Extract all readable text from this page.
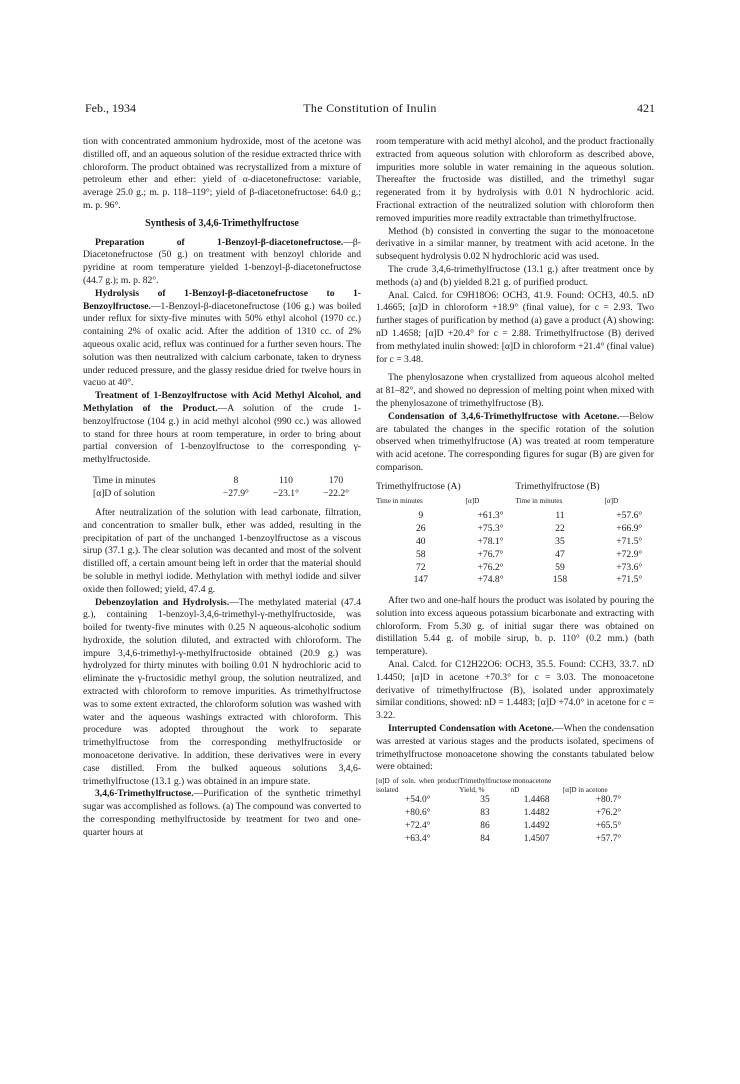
Feb., 1934	The Constitution of Inulin	421

tion with concentrated ammonium hydroxide, most of the acetone was distilled off, and an aqueous solution of the residue extracted thrice with chloroform. The product obtained was recrystallized from a mixture of petroleum ether and ether: yield of α-diacetonefructose: variable, average 25.0 g.; m. p. 118–119°; yield of β-diacetonefructose: 64.0 g.; m. p. 96°.

Synthesis of 3,4,6-Trimethylfructose

Preparation of 1-Benzoyl-β-diacetonefructose.—β-Diacetonefructose (50 g.) on treatment with benzoyl chloride and pyridine at room temperature yielded 1-benzoyl-β-diacetonefructose (44.7 g.); m. p. 82°.

Hydrolysis of 1-Benzoyl-β-diacetonefructose to 1-Benzoylfructose.—1-Benzoyl-β-diacetonefructose (106 g.) was boiled under reflux for sixty-five minutes with 50% ethyl alcohol (1970 cc.) containing 2% of oxalic acid. After the addition of 1310 cc. of 2% aqueous oxalic acid, reflux was continued for a further seven hours. The solution was then neutralized with calcium carbonate, taken to dryness under reduced pressure, and the glassy residue dried for twelve hours in vacuo at 40°.

Treatment of 1-Benzoylfructose with Acid Methyl Alcohol, and Methylation of the Product.—A solution of the crude 1-benzoylfructose (104 g.) in acid methyl alcohol (990 cc.) was allowed to stand for three hours at room temperature, in order to bring about partial conversion of 1-benzoylfructose to the corresponding γ-methylfructoside.

Time in minutes	8	110	170
[α]D of solution	−27.9°	−23.1°	−22.2°

After neutralization of the solution with lead carbonate, filtration, and concentration to smaller bulk, ether was added, resulting in the precipitation of part of the unchanged 1-benzoylfructose as a viscous sirup (37.1 g.). The clear solution was decanted and most of the solvent distilled off, a certain amount being left in order that the material should be soluble in methyl iodide. Methylation with methyl iodide and silver oxide then followed; yield, 47.4 g.

Debenzoylation and Hydrolysis.—The methylated material (47.4 g.), containing 1-benzoyl-3,4,6-trimethyl-γ-methylfructoside, was boiled for twenty-five minutes with 0.25 N aqueous-alcoholic sodium hydroxide, the solution diluted, and extracted with chloroform. The impure 3,4,6-trimethyl-γ-methylfructoside obtained (20.9 g.) was hydrolyzed for thirty minutes with boiling 0.01 N hydrochloric acid to eliminate the γ-fructosidic methyl group, the solution neutralized, and extracted with chloroform to remove impurities. As trimethylfructose was to some extent extracted, the chloroform solution was washed with water and the aqueous washings extracted with chloroform. This procedure was adopted throughout the work to separate trimethylfructose from the corresponding methylfructoside or monoacetone derivative. In addition, these derivatives were in every case distilled. From the bulked aqueous solutions 3,4,6-trimethylfructose (13.1 g.) was obtained in an impure state.

3,4,6-Trimethylfructose.—Purification of the synthetic trimethyl sugar was accomplished as follows. (a) The compound was converted to the corresponding methylfructoside by treatment for two and one-quarter hours at

room temperature with acid methyl alcohol, and the product fractionally extracted from aqueous solution with chloroform as described above, impurities more soluble in water remaining in the aqueous solution. Thereafter the fructoside was distilled, and the trimethyl sugar regenerated from it by hydrolysis with 0.01 N hydrochloric acid. Fractional extraction of the neutralized solution with chloroform then removed impurities more readily extractable than trimethylfructose.

Method (b) consisted in converting the sugar to the monoacetone derivative in a similar manner, by treatment with acid acetone. In the subsequent hydrolysis 0.02 N hydrochloric acid was used.

The crude 3,4,6-trimethylfructose (13.1 g.) after treatment once by methods (a) and (b) yielded 8.21 g. of purified product.

Anal. Calcd. for C9H18O6: OCH3, 41.9. Found: OCH3, 40.5. nD 1.4665; [α]D in chloroform +18.9° (final value), for c = 2.93. Two further stages of purification by method (a) gave a product (A) showing: nD 1.4658; [α]D +20.4° for c = 2.88. Trimethylfructose (B) derived from methylated inulin showed: [α]D in chloroform +21.4° (final value) for c = 3.48.

The phenylosazone when crystallized from aqueous alcohol melted at 81–82°, and showed no depression of melting point when mixed with the phenylosazone of trimethylfructose (B).

Condensation of 3,4,6-Trimethylfructose with Acetone.—Below are tabulated the changes in the specific rotation of the solution observed when trimethylfructose (A) was treated at room temperature with acid acetone. The corresponding figures for sugar (B) are given for comparison.

Trimethylfructose (A)		Trimethylfructose (B)	
Time in minutes	[α]D	Time in minutes	[α]D
9	+61.3°	11	+57.6°
26	+75.3°	22	+66.9°
40	+78.1°	35	+71.5°
58	+76.7°	47	+72.9°
72	+76.2°	59	+73.6°
147	+74.8°	158	+71.5°

After two and one-half hours the product was isolated by pouring the solution into excess aqueous potassium bicarbonate and extracting with chloroform. From 5.30 g. of initial sugar there was obtained on distillation 5.44 g. of mobile sirup, b. p. 110° (0.2 mm.) (bath temperature).

Anal. Calcd. for C12H22O6: OCH3, 35.5. Found: CCH3, 33.7. nD 1.4450; [α]D in acetone +70.3° for c = 3.03. The monoacetone derivative of trimethylfructose (B), isolated under approximately similar conditions, showed: nD = 1.4483; [α]D +74.0° in acetone for c = 3.22.

Interrupted Condensation with Acetone.—When the condensation was arrested at various stages and the products isolated, specimens of trimethylfructose monoacetone showing the constants tabulated below were obtained:

[α]D of soln. when product isolated	Trimethylfructose monoacetone		
	Yield, %	nD	[α]D in acetone
+54.0°	35	1.4468	+80.7°
+80.6°	83	1.4482	+76.2°
+72.4°	86	1.4492	+65.5°
+63.4°	84	1.4507	+57.7°
